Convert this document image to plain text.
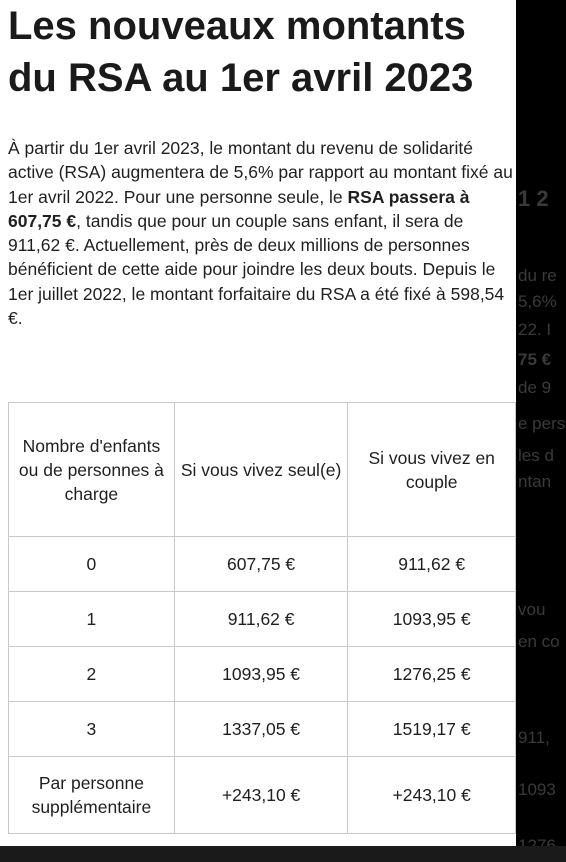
1 2
du re
5,6%
22. I
75 €
de 9
e pers
les d
ntan
vou
en co
911,
1093
Les nouveaux montants
du RSA au 1er avril 2023

À partir du 1er avril 2023, le montant du revenu de solidarité active (RSA) augmentera de 5,6% par rapport au montant fixé au 1er avril 2022. Pour une personne seule, le RSA passera à 607,75 €, tandis que pour un couple sans enfant, il sera de 911,62 €. Actuellement, près de deux millions de personnes bénéficient de cette aide pour joindre les deux bouts. Depuis le 1er juillet 2022, le montant forfaitaire du RSA a été fixé à 598,54 €.

Nombre d'enfants ou de personnes à charge	Si vous vivez seul(e)	Si vous vivez en couple
0	607,75 €	911,62 €
1	911,62 €	1093,95 €
2	1093,95 €	1276,25 €
3	1337,05 €	1519,17 €
Par personne supplémentaire	+243,10 €	+243,10 €
